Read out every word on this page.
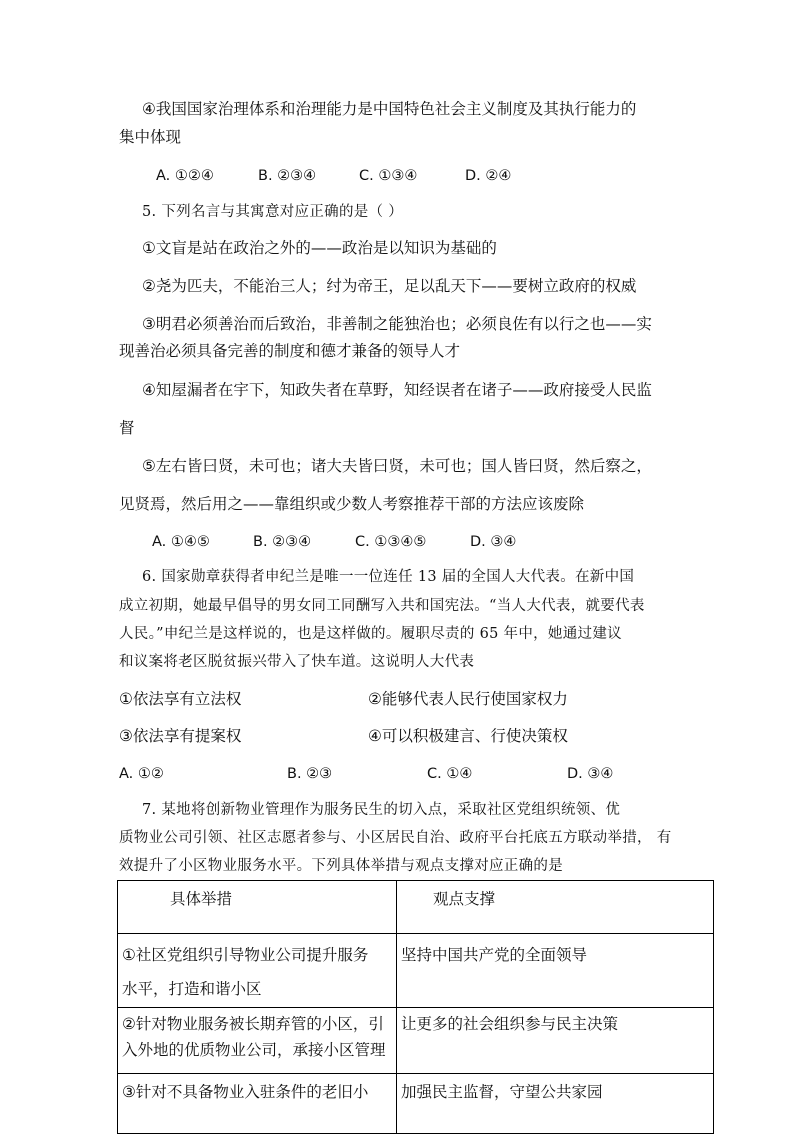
④我国国家治理体系和治理能力是中国特色社会主义制度及其执行能力的
集中体现
A. ①②④	B. ②③④	C. ①③④	D. ②④
5. 下列名言与其寓意对应正确的是（ ）
①文盲是站在政治之外的——政治是以知识为基础的
②尧为匹夫，不能治三人；纣为帝王，足以乱天下——要树立政府的权威
③明君必须善治而后致治，非善制之能独治也；必须良佐有以行之也——实
现善治必须具备完善的制度和德才兼备的领导人才
④知屋漏者在宇下，知政失者在草野，知经误者在诸子——政府接受人民监
督
⑤左右皆曰贤，未可也；诸大夫皆曰贤，未可也；国人皆曰贤，然后察之，
见贤焉，然后用之——靠组织或少数人考察推荐干部的方法应该废除
A. ①④⑤	B. ②③④	C. ①③④⑤	D. ③④
6. 国家勋章获得者申纪兰是唯一一位连任 13 届的全国人大代表。在新中国
成立初期，她最早倡导的男女同工同酬写入共和国宪法。“当人大代表，就要代表
人民。”申纪兰是这样说的，也是这样做的。履职尽责的 65 年中，她通过建议
和议案将老区脱贫振兴带入了快车道。这说明人大代表
①依法享有立法权	②能够代表人民行使国家权力
③依法享有提案权	④可以积极建言、行使决策权
A. ①②	B. ②③	C. ①④	D. ③④
7. 某地将创新物业管理作为服务民生的切入点，采取社区党组织统领、优
质物业公司引领、社区志愿者参与、小区居民自治、政府平台托底五方联动举措， 有
效提升了小区物业服务水平。下列具体举措与观点支撑对应正确的是
具体举措	观点支撑

①社区党组织引导物业公司提升服务
水平，打造和谐小区	坚持中国共产党的全面领导

②针对物业服务被长期弃管的小区，引
入外地的优质物业公司，承接小区管理	让更多的社会组织参与民主决策

③针对不具备物业入驻条件的老旧小	加强民主监督，守望公共家园
